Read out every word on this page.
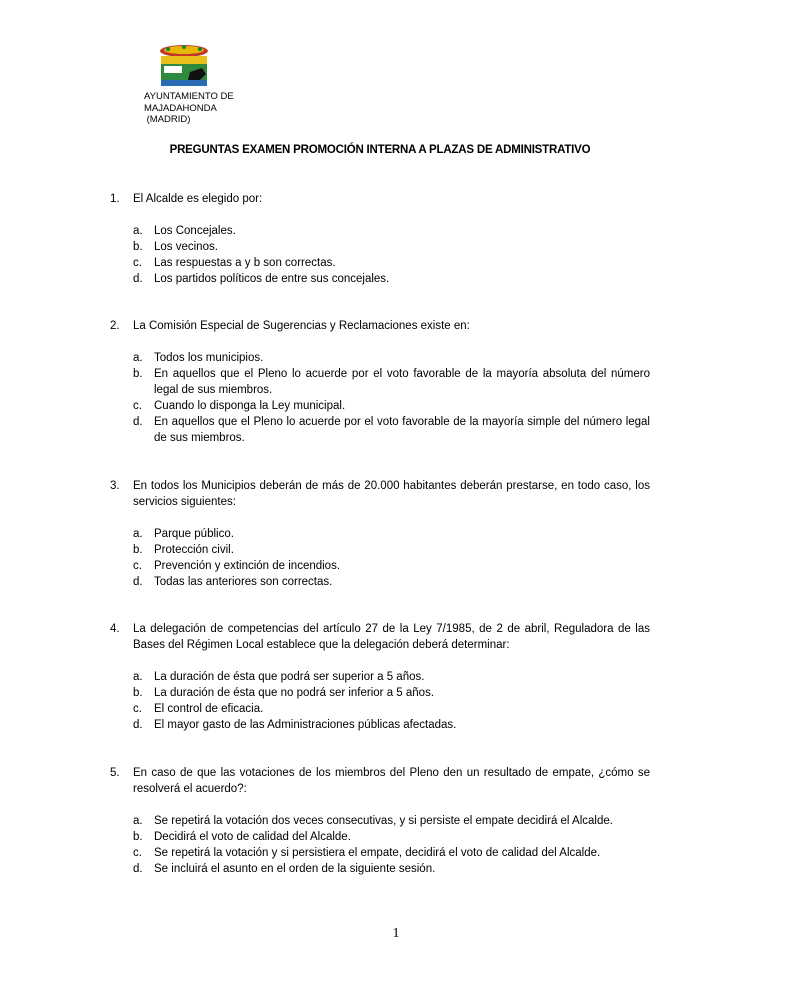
AYUNTAMIENTO DE
MAJADAHONDA
(MADRID)
PREGUNTAS EXAMEN PROMOCIÓN INTERNA A PLAZAS DE ADMINISTRATIVO
1. El Alcalde es elegido por:
a. Los Concejales.
b. Los vecinos.
c. Las respuestas a y b son correctas.
d. Los partidos políticos de entre sus concejales.
2. La Comisión Especial de Sugerencias y Reclamaciones existe en:
a. Todos los municipios.
b. En aquellos que el Pleno lo acuerde por el voto favorable de la mayoría absoluta del número legal de sus miembros.
c. Cuando lo disponga la Ley municipal.
d. En aquellos que el Pleno lo acuerde por el voto favorable de la mayoría simple del número legal de sus miembros.
3. En todos los Municipios deberán de más de 20.000 habitantes deberán prestarse, en todo caso, los servicios siguientes:
a. Parque público.
b. Protección civil.
c. Prevención y extinción de incendios.
d. Todas las anteriores son correctas.
4. La delegación de competencias del artículo 27 de la Ley 7/1985, de 2 de abril, Reguladora de las Bases del Régimen Local establece que la delegación deberá determinar:
a. La duración de ésta que podrá ser superior a 5 años.
b. La duración de ésta que no podrá ser inferior a 5 años.
c. El control de eficacia.
d. El mayor gasto de las Administraciones públicas afectadas.
5. En caso de que las votaciones de los miembros del Pleno den un resultado de empate, ¿cómo se resolverá el acuerdo?:
a. Se repetirá la votación dos veces consecutivas, y si persiste el empate decidirá el Alcalde.
b. Decidirá el voto de calidad del Alcalde.
c. Se repetirá la votación y si persistiera el empate, decidirá el voto de calidad del Alcalde.
d. Se incluirá el asunto en el orden de la siguiente sesión.
1
